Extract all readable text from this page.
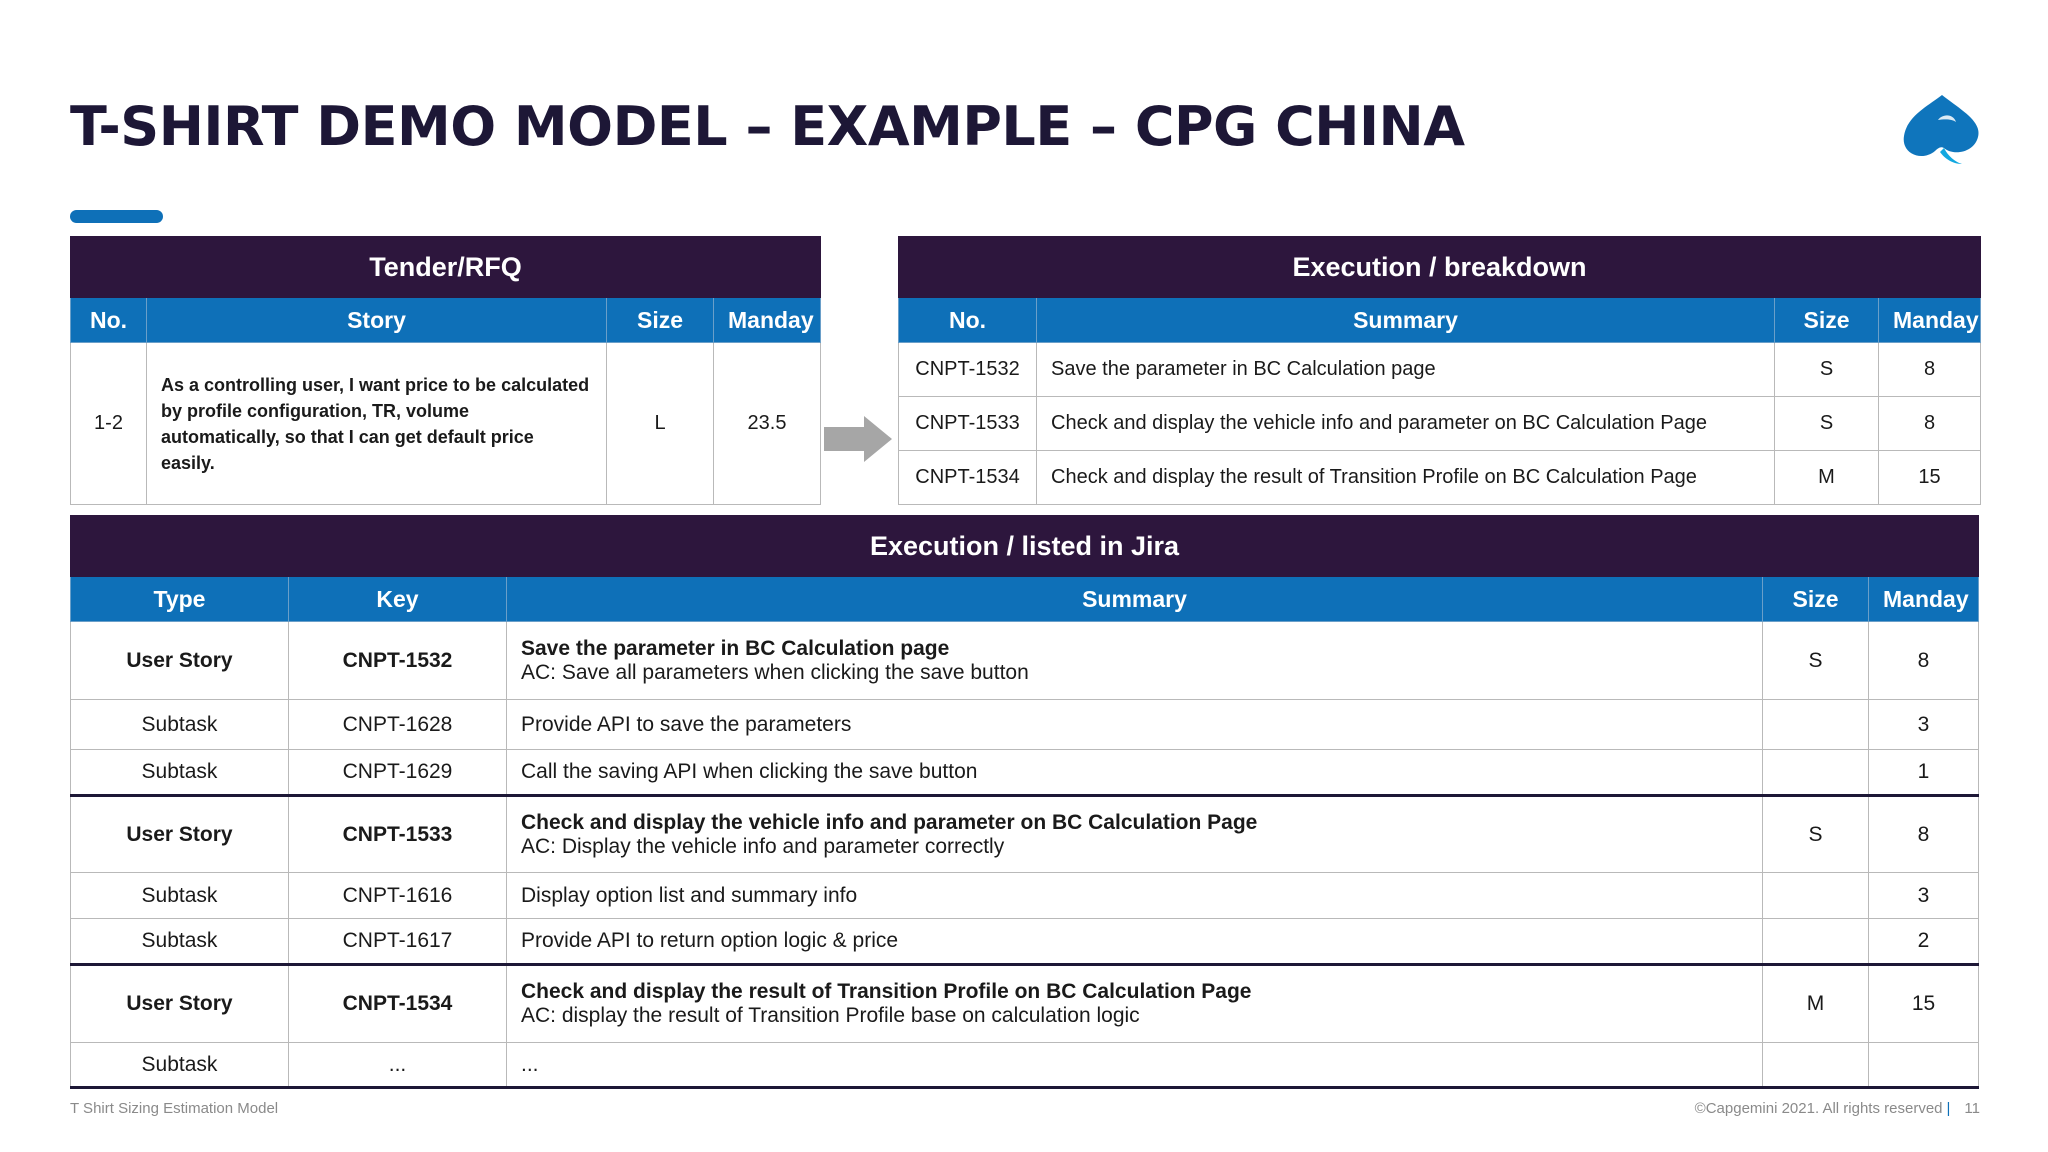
T-SHIRT DEMO MODEL – EXAMPLE – CPG CHINA
Tender/RFQ			
No.	Story	Size	Manday
1-2	As a controlling user, I want price to be calculated by profile configuration, TR, volume automatically, so that I can get default price easily.	L	23.5
Execution / breakdown			
No.	Summary	Size	Manday
CNPT-1532	Save the parameter in BC Calculation page	S	8
CNPT-1533	Check and display the vehicle info and parameter on BC Calculation Page	S	8
CNPT-1534	Check and display the result of Transition Profile on BC Calculation Page	M	15
Execution / listed in Jira				
Type	Key	Summary	Size	Manday
User Story	CNPT-1532	Save the parameter in BC Calculation page
AC: Save all parameters when clicking the save button	S	8
Subtask	CNPT-1628	Provide API to save the parameters		3
Subtask	CNPT-1629	Call the saving API when clicking the save button		1
User Story	CNPT-1533	Check and display the vehicle info and parameter on BC Calculation Page
AC: Display the vehicle info and parameter correctly	S	8
Subtask	CNPT-1616	Display option list and summary info		3
Subtask	CNPT-1617	Provide API to return option logic & price		2
User Story	CNPT-1534	Check and display the result of Transition Profile on BC Calculation Page
AC: display the result of Transition Profile base on calculation logic	M	15
Subtask	...	...		
T Shirt Sizing Estimation Model	©Capgemini 2021. All rights reserved | 11
